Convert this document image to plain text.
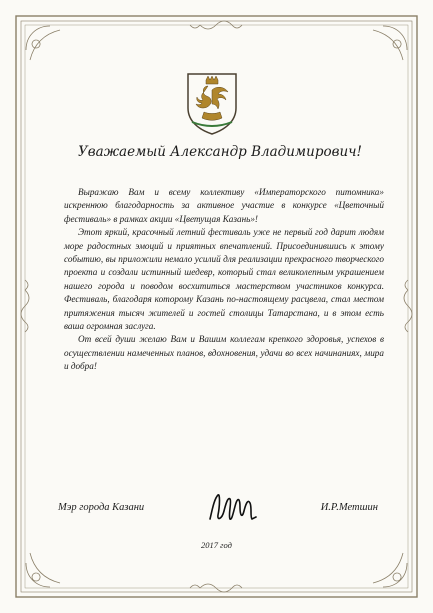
Уважаемый Александр Владимирович!

Выражаю Вам и всему коллективу «Императорского питомника» искреннюю благодарность за активное участие в конкурсе «Цветочный фестиваль» в рамках акции «Цветущая Казань»!

Этот яркий, красочный летний фестиваль уже не первый год дарит людям море радостных эмоций и приятных впечатлений. Присоединившись к этому событию, вы приложили немало усилий для реализации прекрасного творческого проекта и создали истинный шедевр, который стал великолепным украшением нашего города и поводом восхититься мастерством участников конкурса. Фестиваль, благодаря которому Казань по-настоящему расцвела, стал местом притяжения тысяч жителей и гостей столицы Татарстана, и в этом есть ваша огромная заслуга.

От всей души желаю Вам и Вашим коллегам крепкого здоровья, успехов в осуществлении намеченных планов, вдохновения, удачи во всех начинаниях, мира и добра!

Мэр города Казани	И.Р.Метшин
2017 год
